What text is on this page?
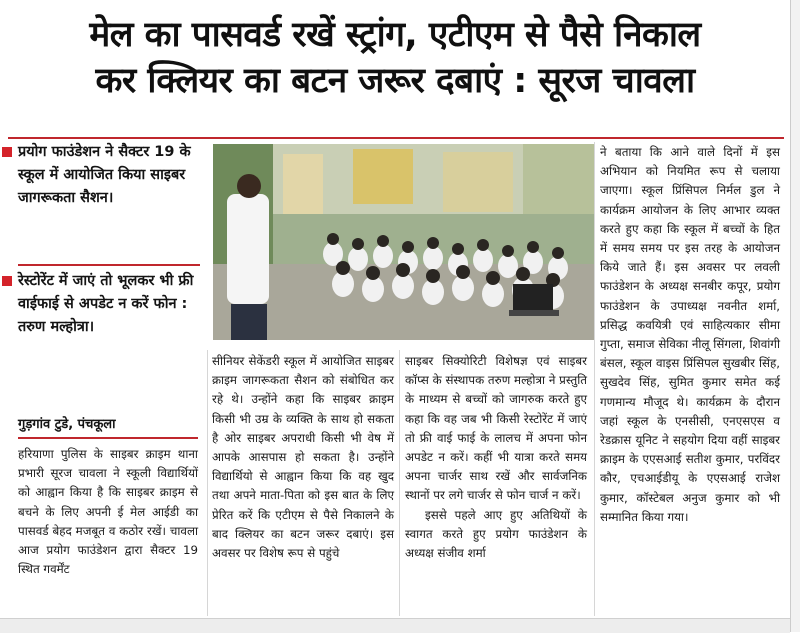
मेल का पासवर्ड रखें स्ट्रांग, एटीएम से पैसे निकाल
कर क्लियर का बटन जरूर दबाएं : सूरज चावला
प्रयोग फाउंडेशन ने सैक्टर 19 के स्कूल में आयोजित किया साइबर जागरूकता सैशन।
रेस्टोरेंट में जाएं तो भूलकर भी फ्री वाईफाई से अपडेट न करें फोन : तरुण मल्होत्रा।
गुड़गांव टुडे, पंचकूला

हरियाणा पुलिस के साइबर क्राइम थाना प्रभारी सूरज चावला ने स्कूली विद्यार्थियों को आह्वान किया है कि साइबर क्राइम से बचने के लिए अपनी ई मेल आईडी का पासवर्ड बेहद मजबूत व कठोर रखें। चावला आज प्रयोग फाउंडेशन द्वारा सैक्टर 19 स्थित गवर्मेंट

सीनियर सेकेंडरी स्कूल में आयोजित साइबर क्राइम जागरूकता सैशन को संबोधित कर रहे थे। उन्होंने कहा कि साइबर क्राइम किसी भी उम्र के व्यक्ति के साथ हो सकता है ओर साइबर अपराधी किसी भी वेष में आपके आसपास हो सकता है। उन्होंने विद्यार्थियो से आह्वान किया कि वह खुद तथा अपने माता-पिता को इस बात के लिए प्रेरित करें कि एटीएम से पैसे निकालने के बाद क्लियर का बटन जरूर दबाएं। इस अवसर पर विशेष रूप से पहुंचे

साइबर सिक्योरिटी विशेषज्ञ एवं साइबर कॉप्स के संस्थापक तरुण मल्होत्रा ने प्रस्तुति के माध्यम से बच्चों को जागरुक करते हुए कहा कि वह जब भी किसी रेस्टोरेंट में जाएं तो फ्री वाई फाई के लालच में अपना फोन अपडेट न करें। कहीं भी यात्रा करते समय अपना चार्जर साथ रखें और सार्वजनिक स्थानों पर लगे चार्जर से फोन चार्ज न करें।

इससे पहले आए हुए अतिथियों के स्वागत करते हुए प्रयोग फाउंडेशन के अध्यक्ष संजीव शर्मा

ने बताया कि आने वाले दिनों में इस अभियान को नियमित रूप से चलाया जाएगा। स्कूल प्रिंसिपल निर्मल डुल ने कार्यक्रम आयोजन के लिए आभार व्यक्त करते हुए कहा कि स्कूल में बच्चों के हित में समय समय पर इस तरह के आयोजन किये जाते हैं। इस अवसर पर लवली फाउंडेशन के अध्यक्ष सनबीर कपूर, प्रयोग फाउंडेशन के उपाध्यक्ष नवनीत शर्मा, प्रसिद्ध कवयित्री एवं साहित्यकार सीमा गुप्ता, समाज सेविका नीलू सिंगला, शिवांगी बंसल, स्कूल वाइस प्रिंसिपल सुखबीर सिंह, सुखदेव सिंह, सुमित कुमार समेत कई गणमान्य मौजूद थे। कार्यक्रम के दौरान जहां स्कूल के एनसीसी, एनएसएस व रेडक्रास यूनिट ने सहयोग दिया वहीं साइबर क्राइम के एएसआई सतीश कुमार, परविंदर कौर, एचआईडीयू के एएसआई राजेश कुमार, कॉस्टेबल अनुज कुमार को भी सम्मानित किया गया।
